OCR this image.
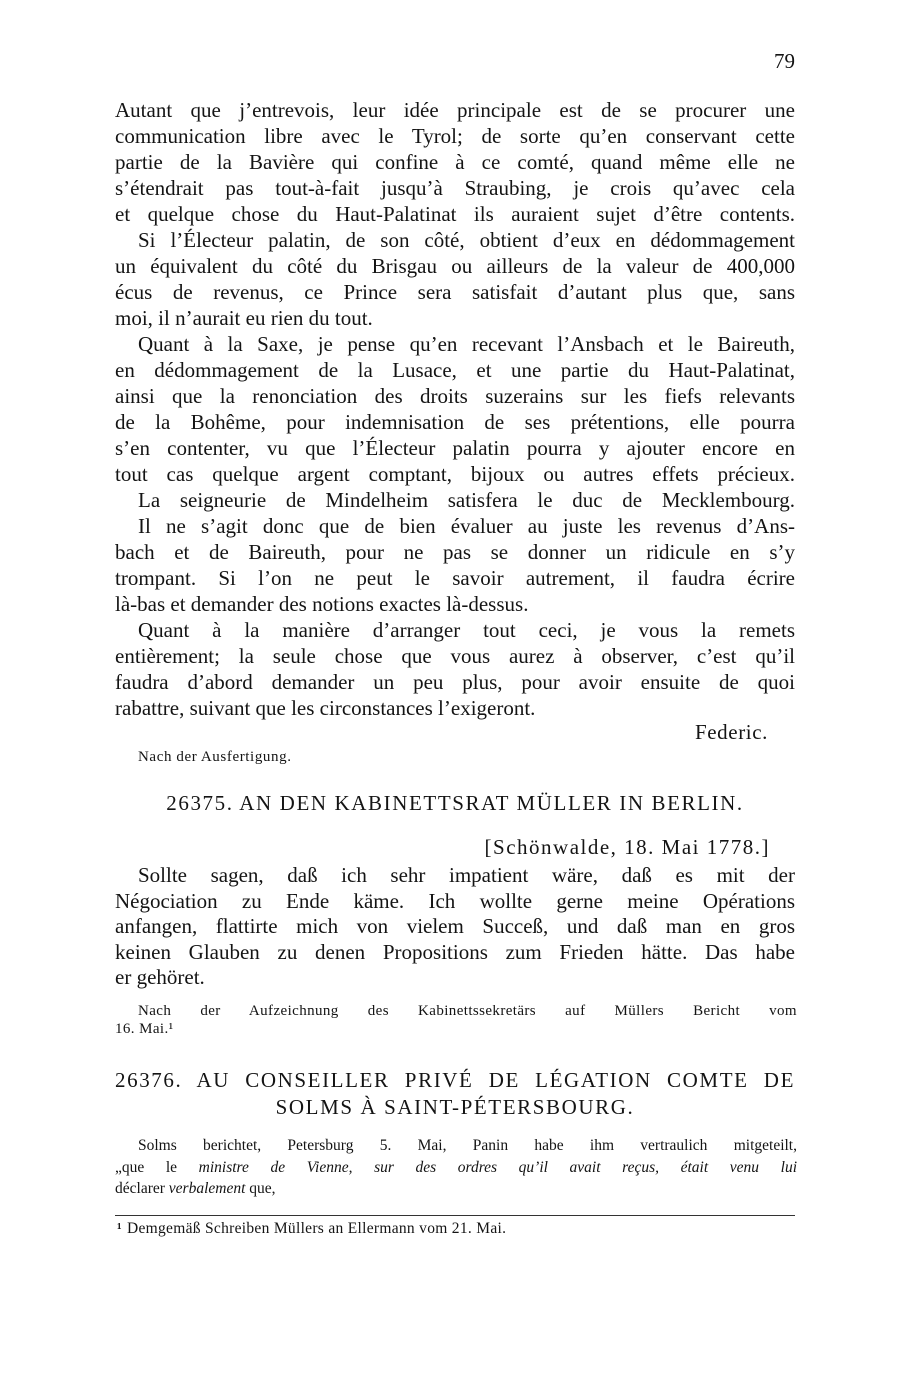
79
Autant que j’entrevois, leur idée principale est de se procurer une
communication libre avec le Tyrol; de sorte qu’en conservant cette
partie de la Bavière qui confine à ce comté, quand même elle ne
s’étendrait pas tout-à-fait jusqu’à Straubing, je crois qu’avec cela
et quelque chose du Haut-Palatinat ils auraient sujet d’être contents.
Si l’Électeur palatin, de son côté, obtient d’eux en dédommagement
un équivalent du côté du Brisgau ou ailleurs de la valeur de 400,000
écus de revenus, ce Prince sera satisfait d’autant plus que, sans
moi, il n’aurait eu rien du tout.
Quant à la Saxe, je pense qu’en recevant l’Ansbach et le Baireuth,
en dédommagement de la Lusace, et une partie du Haut-Palatinat,
ainsi que la renonciation des droits suzerains sur les fiefs relevants
de la Bohême, pour indemnisation de ses prétentions, elle pourra
s’en contenter, vu que l’Électeur palatin pourra y ajouter encore en
tout cas quelque argent comptant, bijoux ou autres effets précieux.
La seigneurie de Mindelheim satisfera le duc de Mecklembourg.
Il ne s’agit donc que de bien évaluer au juste les revenus d’Ans-
bach et de Baireuth, pour ne pas se donner un ridicule en s’y
trompant. Si l’on ne peut le savoir autrement, il faudra écrire
là-bas et demander des notions exactes là-dessus.
Quant à la manière d’arranger tout ceci, je vous la remets
entièrement; la seule chose que vous aurez à observer, c’est qu’il
faudra d’abord demander un peu plus, pour avoir ensuite de quoi
rabattre, suivant que les circonstances l’exigeront.
Federic.
Nach der Ausfertigung.
26375. AN DEN KABINETTSRAT MÜLLER IN BERLIN.
[Schönwalde, 18. Mai 1778.]
Sollte sagen, daß ich sehr impatient wäre, daß es mit der
Négociation zu Ende käme. Ich wollte gerne meine Opérations
anfangen, flattirte mich von vielem Succeß, und daß man en gros
keinen Glauben zu denen Propositions zum Frieden hätte. Das habe
er gehöret.
Nach der Aufzeichnung des Kabinettssekretärs auf Müllers Bericht vom
16. Mai.¹
26376. AU CONSEILLER PRIVÉ DE LÉGATION COMTE DE
SOLMS À SAINT-PÉTERSBOURG.
Solms berichtet, Petersburg 5. Mai, Panin habe ihm vertraulich mitgeteilt,
„que le ministre de Vienne, sur des ordres qu’il avait reçus, était venu lui
déclarer verbalement que,
¹ Demgemäß Schreiben Müllers an Ellermann vom 21. Mai.
